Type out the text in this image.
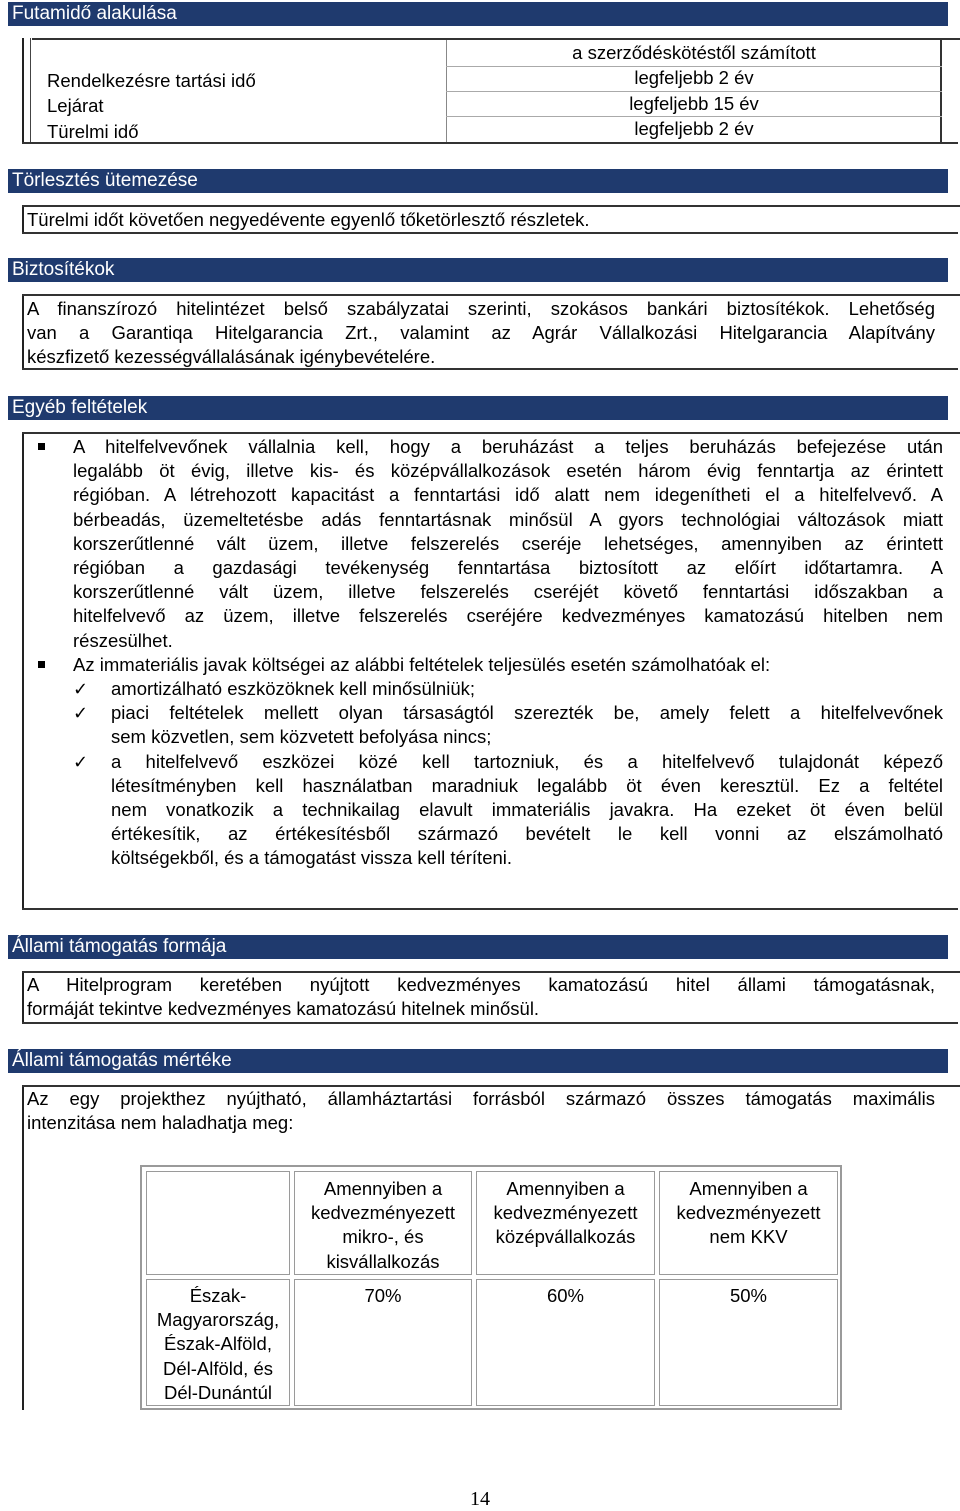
Futamidő alakulása
a szerződéskötéstől számított
legfeljebb 2 év
legfeljebb 15 év
legfeljebb 2 év
Rendelkezésre tartási idő
Lejárat
Türelmi idő
Törlesztés ütemezése
Türelmi időt követően negyedévente egyenlő tőketörlesztő részletek.
Biztosítékok
A finanszírozó hitelintézet belső szabályzatai szerinti, szokásos bankári biztosítékok. Lehetőség
van a Garantiqa Hitelgarancia Zrt., valamint az Agrár Vállalkozási Hitelgarancia Alapítvány
készfizető kezességvállalásának igénybevételére.
Egyéb feltételek
A hitelfelvevőnek vállalnia kell, hogy a beruházást a teljes beruházás befejezése után
legalább öt évig, illetve kis- és középvállalkozások esetén három évig fenntartja az érintett
régióban. A létrehozott kapacitást a fenntartási idő alatt nem idegenítheti el a hitelfelvevő. A
bérbeadás, üzemeltetésbe adás fenntartásnak minősül A gyors technológiai változások miatt
korszerűtlenné vált üzem, illetve felszerelés cseréje lehetséges, amennyiben az érintett
régióban a gazdasági tevékenység fenntartása biztosított az előírt időtartamra. A
korszerűtlenné vált üzem, illetve felszerelés cseréjét követő fenntartási időszakban a
hitelfelvevő az üzem, illetve felszerelés cseréjére kedvezményes kamatozású hitelben nem
részesülhet.
Az immateriális javak költségei az alábbi feltételek teljesülés esetén számolhatóak el:
✓ amortizálható eszközöknek kell minősülniük;
✓ piaci feltételek mellett olyan társaságtól szerezték be, amely felett a hitelfelvevőnek
sem közvetlen, sem közvetett befolyása nincs;
✓ a hitelfelvevő eszközei közé kell tartozniuk, és a hitelfelvevő tulajdonát képező
létesítményben kell használatban maradniuk legalább öt éven keresztül. Ez a feltétel
nem vonatkozik a technikailag elavult immateriális javakra. Ha ezeket öt éven belül
értékesítik, az értékesítésből származó bevételt le kell vonni az elszámolható
költségekből, és a támogatást vissza kell téríteni.
Állami támogatás formája
A Hitelprogram keretében nyújtott kedvezményes kamatozású hitel állami támogatásnak,
formáját tekintve kedvezményes kamatozású hitelnek minősül.
Állami támogatás mértéke
Az egy projekthez nyújtható, államháztartási forrásból származó összes támogatás maximális
intenzitása nem haladhatja meg:
Amennyiben a
kedvezményezett
mikro-, és
kisvállalkozás
Amennyiben a
kedvezményezett
középvállalkozás
Amennyiben a
kedvezményezett
nem KKV
Észak-
Magyarország,
Észak-Alföld,
Dél-Alföld, és
Dél-Dunántúl
70%	60%	50%
14
